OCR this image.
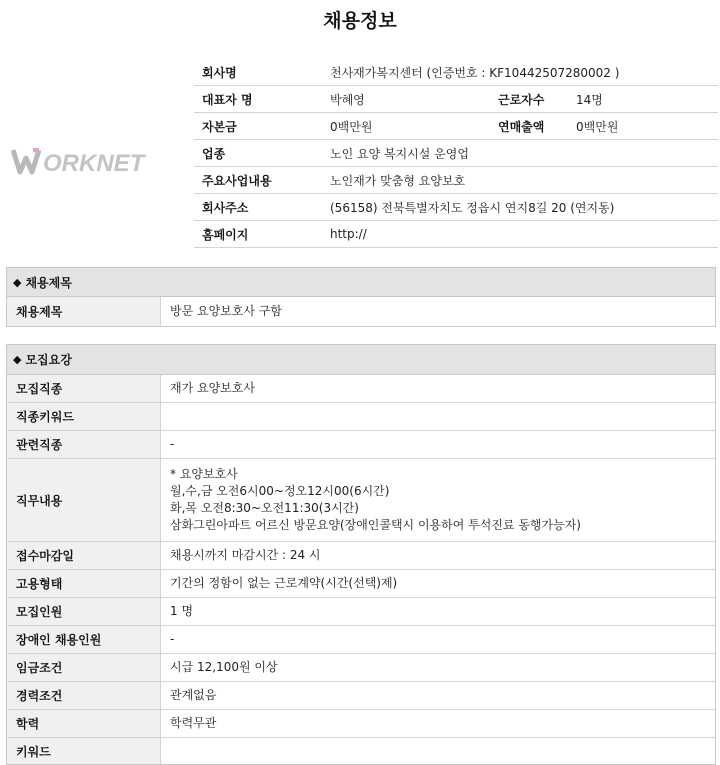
채용정보
ORKNET
회사명	천사재가복지센터 (인증번호 : KF10442507280002 )		
대표자 명	박혜영	근로자수	14명
자본금	0백만원	연매출액	0백만원
업종	노인 요양 복지시설 운영업		
주요사업내용	노인재가 맞춤형 요양보호		
회사주소	(56158) 전북특별자치도 정읍시 연지8길 20 (연지동)		
홈페이지	http://		
◆ 채용제목
채용제목	방문 요양보호사 구함
◆ 모집요강
모집직종	재가 요양보호사
직종키워드
관련직종	-
직무내용
* 요양보호사
월,수,금 오전6시00~정오12시00(6시간)
화,목 오전8:30~오전11:30(3시간)
삼화그린아파트 어르신 방문요양(장애인콜택시 이용하여 투석진료 동행가능자)
접수마감일	채용시까지 마감시간 : 24 시
고용형태	기간의 정함이 없는 근로계약(시간(선택)제)
모집인원	1 명
장애인 채용인원	-
임금조건	시급 12,100원 이상
경력조건	관계없음
학력	학력무관
키워드
